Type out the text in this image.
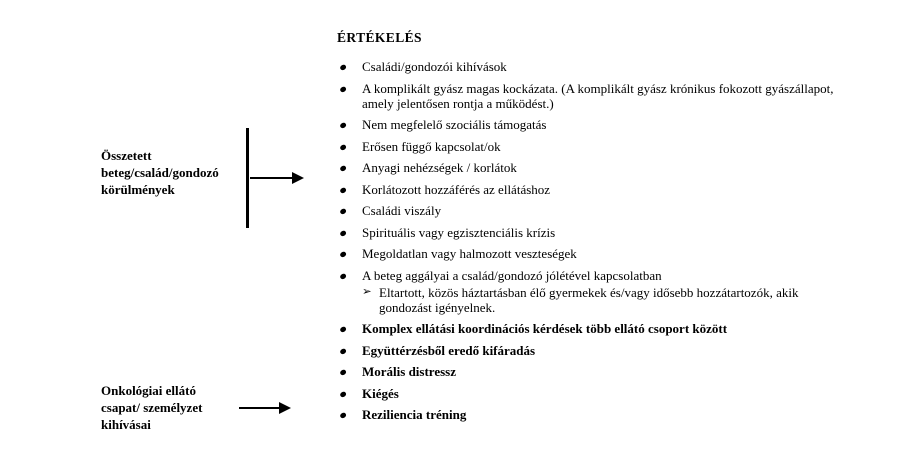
Összetett beteg/család/gondozó körülmények
Onkológiai ellátó csapat/ személyzet kihívásai
ÉRTÉKELÉS
Családi/gondozói kihívások
A komplikált gyász magas kockázata. (A komplikált gyász krónikus fokozott gyászállapot, amely jelentősen rontja a működést.)
Nem megfelelő szociális támogatás
Erősen függő kapcsolat/ok
Anyagi nehézségek / korlátok
Korlátozott hozzáférés az ellátáshoz
Családi viszály
Spirituális vagy egzisztenciális krízis
Megoldatlan vagy halmozott veszteségek
A beteg aggályai a család/gondozó jólétével kapcsolatban
➢
Eltartott, közös háztartásban élő gyermekek és/vagy idősebb hozzátartozók, akik gondozást igényelnek.
Komplex ellátási koordinációs kérdések több ellátó csoport között
Együttérzésből eredő kifáradás
Morális distressz
Kiégés
Reziliencia tréning
